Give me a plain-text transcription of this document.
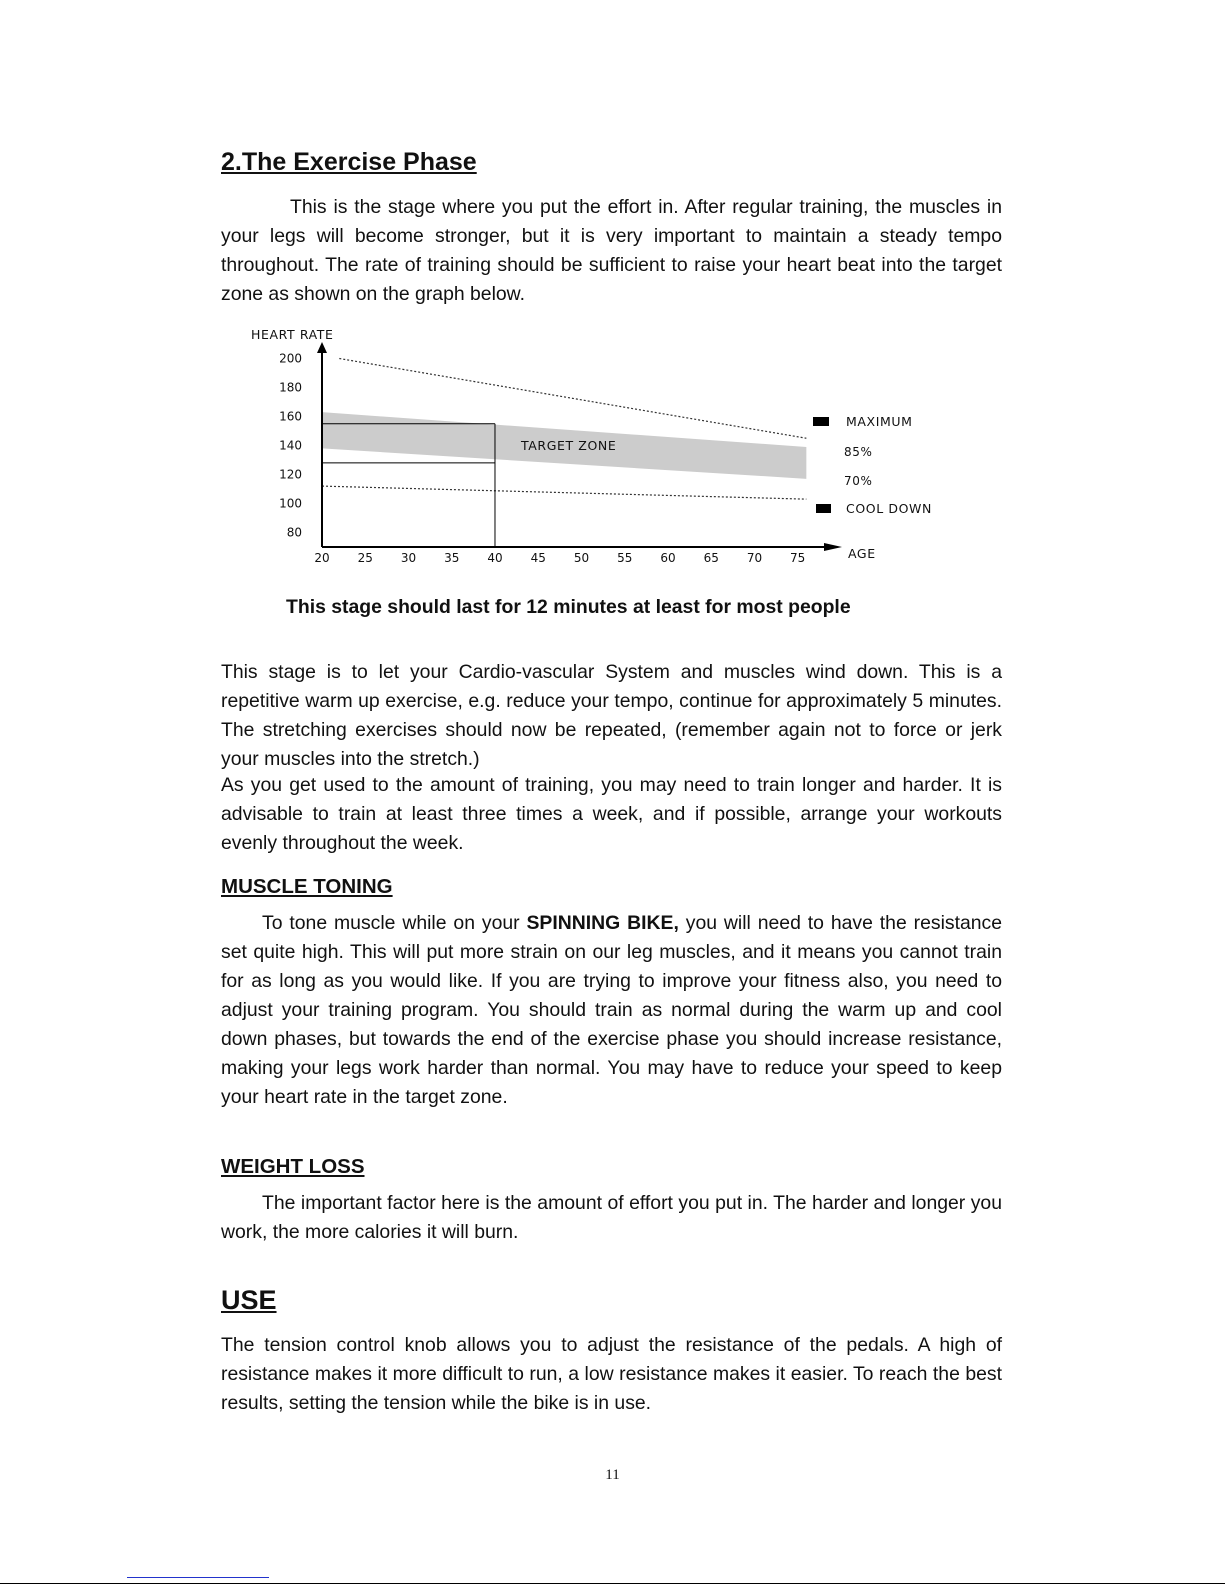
2.The Exercise Phase

This is the stage where you put the effort in. After regular training, the muscles in your legs will become stronger, but it is very important to maintain a steady tempo throughout. The rate of training should be sufficient to raise your heart beat into the target zone as shown on the graph below.

200
180
160
140
120
100
80
20 25 30 35 40 45 50 55 60 65 70 75
HEART RATE
AGE
TARGET ZONE
MAXIMUM
85%
70%
COOL DOWN

This stage should last for 12 minutes at least for most people

This stage is to let your Cardio-vascular System and muscles wind down. This is a repetitive warm up exercise, e.g. reduce your tempo, continue for approximately 5 minutes. The stretching exercises should now be repeated, (remember again not to force or jerk your muscles into the stretch.)

As you get used to the amount of training, you may need to train longer and harder. It is advisable to train at least three times a week, and if possible, arrange your workouts evenly throughout the week.

MUSCLE TONING

To tone muscle while on your SPINNING BIKE, you will need to have the resistance set quite high. This will put more strain on our leg muscles, and it means you cannot train for as long as you would like. If you are trying to improve your fitness also, you need to adjust your training program. You should train as normal during the warm up and cool down phases, but towards the end of the exercise phase you should increase resistance, making your legs work harder than normal. You may have to reduce your speed to keep your heart rate in the target zone.

WEIGHT LOSS

The important factor here is the amount of effort you put in. The harder and longer you work, the more calories it will burn.

USE

The tension control knob allows you to adjust the resistance of the pedals. A high of resistance makes it more difficult to run, a low resistance makes it easier. To reach the best results, setting the tension while the bike is in use.

11
